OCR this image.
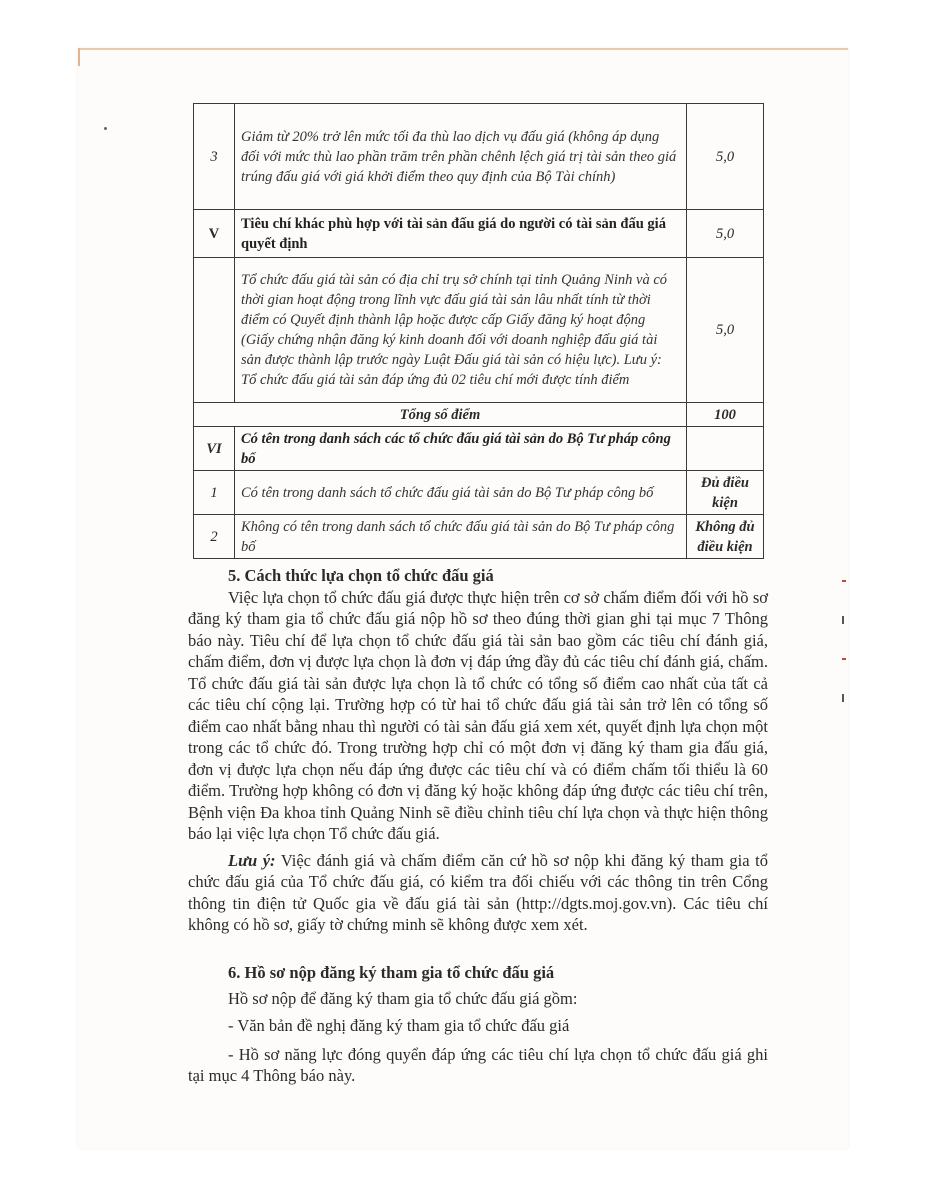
3	Giảm từ 20% trở lên mức tối đa thù lao dịch vụ đấu giá (không áp dụng đối với mức thù lao phần trăm trên phần chênh lệch giá trị tài sản theo giá trúng đấu giá với giá khởi điểm theo quy định của Bộ Tài chính)	5,0
V	Tiêu chí khác phù hợp với tài sản đấu giá do người có tài sản đấu giá quyết định	5,0
	Tổ chức đấu giá tài sản có địa chỉ trụ sở chính tại tỉnh Quảng Ninh và có thời gian hoạt động trong lĩnh vực đấu giá tài sản lâu nhất tính từ thời điểm có Quyết định thành lập hoặc được cấp Giấy đăng ký hoạt động (Giấy chứng nhận đăng ký kinh doanh đối với doanh nghiệp đấu giá tài sản được thành lập trước ngày Luật Đấu giá tài sản có hiệu lực). Lưu ý: Tổ chức đấu giá tài sản đáp ứng đủ 02 tiêu chí mới được tính điểm	5,0
Tổng số điểm		100
VI	Có tên trong danh sách các tổ chức đấu giá tài sản do Bộ Tư pháp công bố	
1	Có tên trong danh sách tổ chức đấu giá tài sản do Bộ Tư pháp công bố	Đủ điều kiện
2	Không có tên trong danh sách tổ chức đấu giá tài sản do Bộ Tư pháp công bố	Không đủ điều kiện

5. Cách thức lựa chọn tổ chức đấu giá

Việc lựa chọn tổ chức đấu giá được thực hiện trên cơ sở chấm điểm đối với hồ sơ đăng ký tham gia tổ chức đấu giá nộp hồ sơ theo đúng thời gian ghi tại mục 7 Thông báo này. Tiêu chí để lựa chọn tổ chức đấu giá tài sản bao gồm các tiêu chí đánh giá, chấm điểm, đơn vị được lựa chọn là đơn vị đáp ứng đầy đủ các tiêu chí đánh giá, chấm. Tổ chức đấu giá tài sản được lựa chọn là tổ chức có tổng số điểm cao nhất của tất cả các tiêu chí cộng lại. Trường hợp có từ hai tổ chức đấu giá tài sản trở lên có tổng số điểm cao nhất bằng nhau thì người có tài sản đấu giá xem xét, quyết định lựa chọn một trong các tổ chức đó. Trong trường hợp chỉ có một đơn vị đăng ký tham gia đấu giá, đơn vị được lựa chọn nếu đáp ứng được các tiêu chí và có điểm chấm tối thiểu là 60 điểm. Trường hợp không có đơn vị đăng ký hoặc không đáp ứng được các tiêu chí trên, Bệnh viện Đa khoa tỉnh Quảng Ninh sẽ điều chỉnh tiêu chí lựa chọn và thực hiện thông báo lại việc lựa chọn Tổ chức đấu giá.

Lưu ý: Việc đánh giá và chấm điểm căn cứ hồ sơ nộp khi đăng ký tham gia tổ chức đấu giá của Tổ chức đấu giá, có kiểm tra đối chiếu với các thông tin trên Cổng thông tin điện tử Quốc gia về đấu giá tài sản (http://dgts.moj.gov.vn). Các tiêu chí không có hồ sơ, giấy tờ chứng minh sẽ không được xem xét.

6. Hồ sơ nộp đăng ký tham gia tổ chức đấu giá

Hồ sơ nộp để đăng ký tham gia tổ chức đấu giá gồm:

- Văn bản đề nghị đăng ký tham gia tổ chức đấu giá

- Hồ sơ năng lực đóng quyển đáp ứng các tiêu chí lựa chọn tổ chức đấu giá ghi tại mục 4 Thông báo này.
